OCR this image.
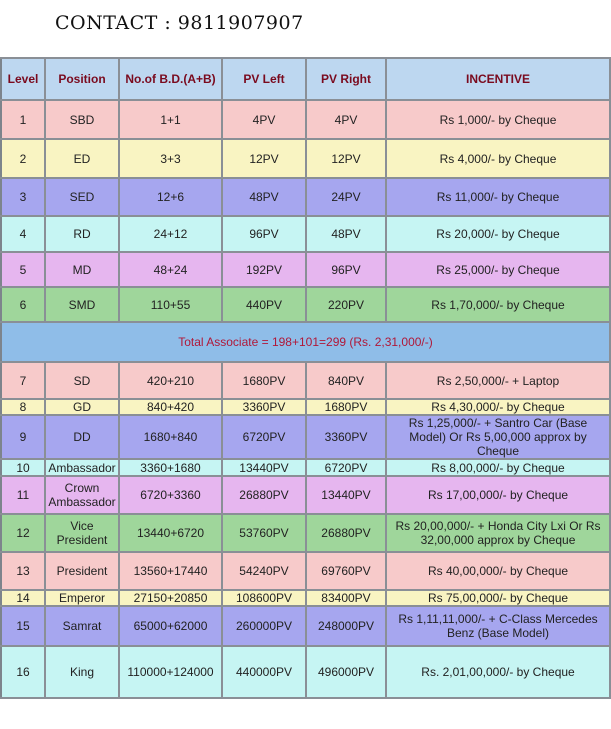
CONTACT : 9811907907
Level	Position	No.of B.D.(A+B)	PV Left	PV Right	INCENTIVE
1	SBD	1+1	4PV	4PV	Rs 1,000/- by Cheque
2	ED	3+3	12PV	12PV	Rs 4,000/- by Cheque
3	SED	12+6	48PV	24PV	Rs 11,000/- by Cheque
4	RD	24+12	96PV	48PV	Rs 20,000/- by Cheque
5	MD	48+24	192PV	96PV	Rs 25,000/- by Cheque
6	SMD	110+55	440PV	220PV	Rs 1,70,000/- by Cheque
Total Associate = 198+101=299 (Rs. 2,31,000/-)					
7	SD	420+210	1680PV	840PV	Rs 2,50,000/- + Laptop
8	GD	840+420	3360PV	1680PV	Rs 4,30,000/- by Cheque
9	DD	1680+840	6720PV	3360PV	Rs 1,25,000/- + Santro Car (Base Model) Or Rs 5,00,000 approx by Cheque
10	Ambassador	3360+1680	13440PV	6720PV	Rs 8,00,000/- by Cheque
11	Crown Ambassador	6720+3360	26880PV	13440PV	Rs 17,00,000/- by Cheque
12	Vice President	13440+6720	53760PV	26880PV	Rs 20,00,000/- + Honda City Lxi Or Rs 32,00,000 approx by Cheque
13	President	13560+17440	54240PV	69760PV	Rs 40,00,000/- by Cheque
14	Emperor	27150+20850	108600PV	83400PV	Rs 75,00,000/- by Cheque
15	Samrat	65000+62000	260000PV	248000PV	Rs 1,11,11,000/- + C-Class Mercedes Benz (Base Model)
16	King	110000+124000	440000PV	496000PV	Rs. 2,01,00,000/- by Cheque
